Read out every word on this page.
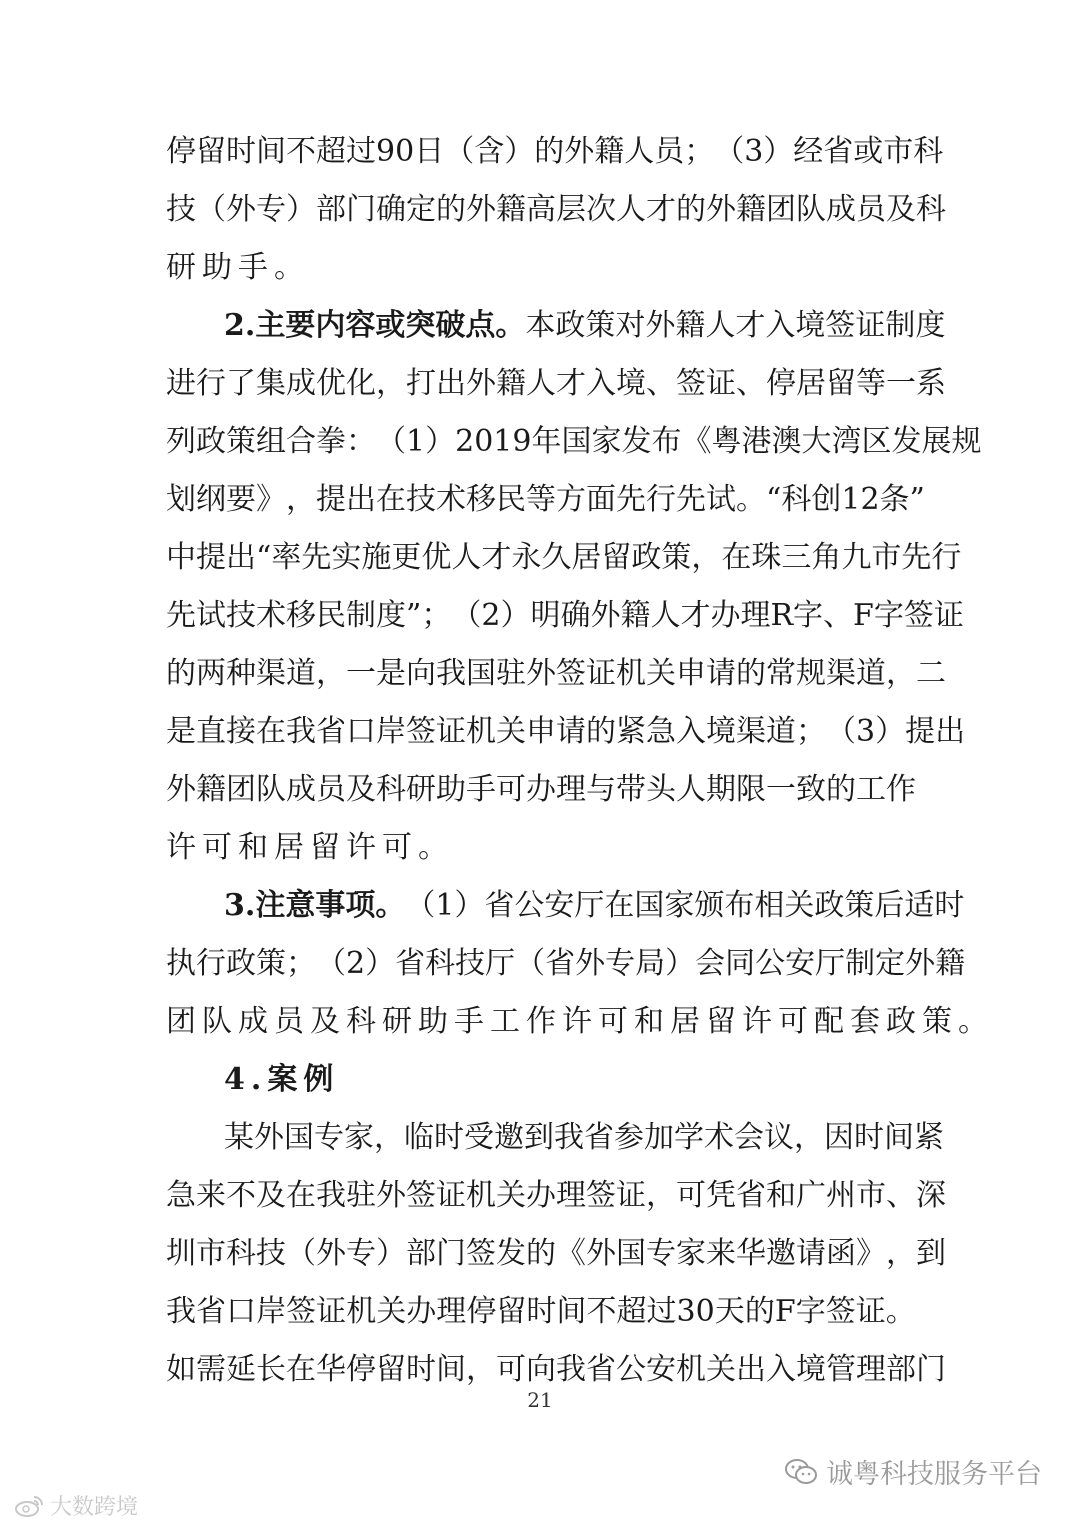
停 留 时 间 不 超 过 9 0 日 （ 含 ） 的 外 籍 人 员 ； （ 3 ） 经 省 或 市 科
技 （ 外 专 ） 部 门 确 定 的 外 籍 高 层 次 人 才 的 外 籍 团 队 成 员 及 科
研助手。
2 . 主 要 内 容 或 突 破 点 。 本 政 策 对 外 籍 人 才 入 境 签 证 制 度
进 行 了 集 成 优 化 ， 打 出 外 籍 人 才 入 境 、 签 证 、 停 居 留 等 一 系
列 政 策 组 合 拳 ： （ 1 ） 2 0 1 9 年 国 家 发 布 《 粤 港 澳 大 湾 区 发 展 规
划 纲 要 》 ， 提 出 在 技 术 移 民 等 方 面 先 行 先 试 。 “ 科 创 1 2 条 ”
中 提 出 “ 率 先 实 施 更 优 人 才 永 久 居 留 政 策 ， 在 珠 三 角 九 市 先 行
先 试 技 术 移 民 制 度 ” ； （ 2 ） 明 确 外 籍 人 才 办 理 R 字 、 F 字 签 证
的 两 种 渠 道 ， 一 是 向 我 国 驻 外 签 证 机 关 申 请 的 常 规 渠 道 ， 二
是 直 接 在 我 省 口 岸 签 证 机 关 申 请 的 紧 急 入 境 渠 道 ； （ 3 ） 提 出
外 籍 团 队 成 员 及 科 研 助 手 可 办 理 与 带 头 人 期 限 一 致 的 工 作
许可和居留许可。
3 . 注 意 事 项 。 （ 1 ） 省 公 安 厅 在 国 家 颁 布 相 关 政 策 后 适 时
执 行 政 策 ； （ 2 ） 省 科 技 厅 （ 省 外 专 局 ） 会 同 公 安 厅 制 定 外 籍
团队成员及科研助手工作许可和居留许可配套政策。
4.案例
某 外 国 专 家 ， 临 时 受 邀 到 我 省 参 加 学 术 会 议 ， 因 时 间 紧
急 来 不 及 在 我 驻 外 签 证 机 关 办 理 签 证 ， 可 凭 省 和 广 州 市 、 深
圳 市 科 技 （ 外 专 ） 部 门 签 发 的 《 外 国 专 家 来 华 邀 请 函 》 ， 到
我 省 口 岸 签 证 机 关 办 理 停 留 时 间 不 超 过 3 0 天 的 F 字 签 证 。
如 需 延 长 在 华 停 留 时 间 ， 可 向 我 省 公 安 机 关 出 入 境 管 理 部 门
21
诚粤科技服务平台
大数跨境
